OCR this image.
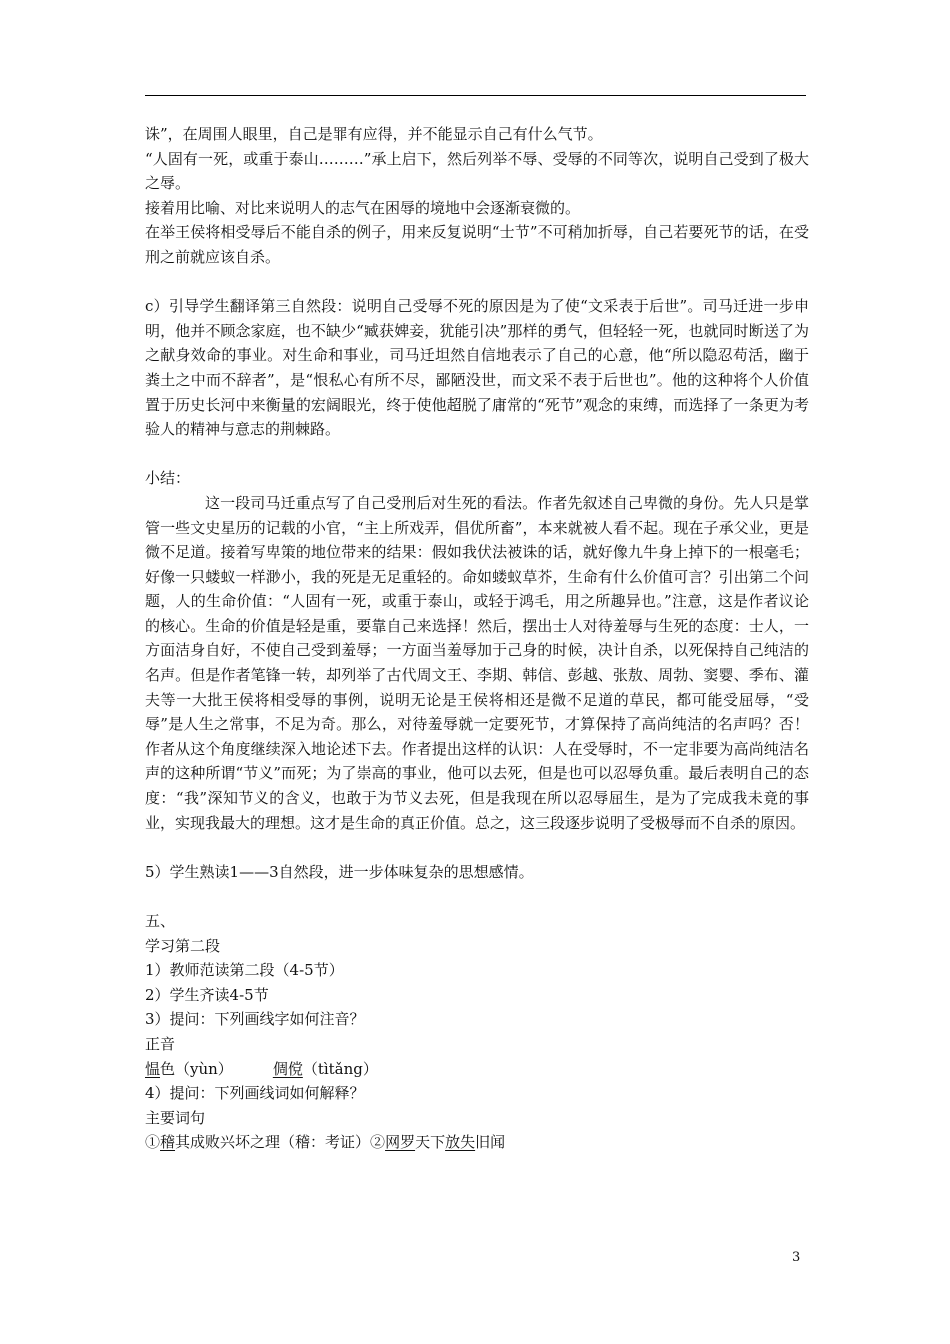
诛”，在周围人眼里，自己是罪有应得，并不能显示自己有什么气节。

“人固有一死，或重于泰山………”承上启下，然后列举不辱、受辱的不同等次，说明自己受到了极大之辱。

接着用比喻、对比来说明人的志气在困辱的境地中会逐渐衰微的。

在举王侯将相受辱后不能自杀的例子，用来反复说明“士节”不可稍加折辱，自己若要死节的话，在受刑之前就应该自杀。

c）引导学生翻译第三自然段：说明自己受辱不死的原因是为了使“文采表于后世”。司马迁进一步申明，他并不顾念家庭，也不缺少“臧获婢妾，犹能引决”那样的勇气，但轻轻一死，也就同时断送了为之献身效命的事业。对生命和事业，司马迁坦然自信地表示了自己的心意，他“所以隐忍苟活，幽于粪土之中而不辞者”，是“恨私心有所不尽，鄙陋没世，而文采不表于后世也”。他的这种将个人价值置于历史长河中来衡量的宏阔眼光，终于使他超脱了庸常的“死节”观念的束缚，而选择了一条更为考验人的精神与意志的荆棘路。

小结：

这一段司马迁重点写了自己受刑后对生死的看法。作者先叙述自己卑微的身份。先人只是掌管一些文史星历的记载的小官，“主上所戏弄，倡优所畜”，本来就被人看不起。现在子承父业，更是微不足道。接着写卑策的地位带来的结果：假如我伏法被诛的话，就好像九牛身上掉下的一根毫毛；好像一只蝼蚁一样渺小，我的死是无足重轻的。命如蝼蚁草芥，生命有什么价值可言？引出第二个问题，人的生命价值：“人固有一死，或重于泰山，或轻于鸿毛，用之所趣异也。”注意，这是作者议论的核心。生命的价值是轻是重，要靠自己来选择！然后，摆出士人对待羞辱与生死的态度：士人，一方面洁身自好，不使自己受到羞辱；一方面当羞辱加于己身的时候，决计自杀，以死保持自己纯洁的名声。但是作者笔锋一转，却列举了古代周文王、李期、韩信、彭越、张敖、周勃、窦婴、季布、灌夫等一大批王侯将相受辱的事例，说明无论是王侯将相还是微不足道的草民，都可能受屈辱，“受辱”是人生之常事，不足为奇。那么，对待羞辱就一定要死节，才算保持了高尚纯洁的名声吗？否！作者从这个角度继续深入地论述下去。作者提出这样的认识：人在受辱时，不一定非要为高尚纯洁名声的这种所谓“节义”而死；为了崇高的事业，他可以去死，但是也可以忍辱负重。最后表明自己的态度：“我”深知节义的含义，也敢于为节义去死，但是我现在所以忍辱屈生，是为了完成我未竟的事业，实现我最大的理想。这才是生命的真正价值。总之，这三段逐步说明了受极辱而不自杀的原因。

5）学生熟读1——3自然段，进一步体味复杂的思想感情。

五、

学习第二段

1）教师范读第二段（4-5节）

2）学生齐读4-5节

3）提问：下列画线字如何注音？

正音

愠色（yùn）	倜傥（tìtǎng）

4）提问：下列画线词如何解释？

主要词句

①稽其成败兴坏之理（稽：考证）②网罗天下放失旧闻

3
